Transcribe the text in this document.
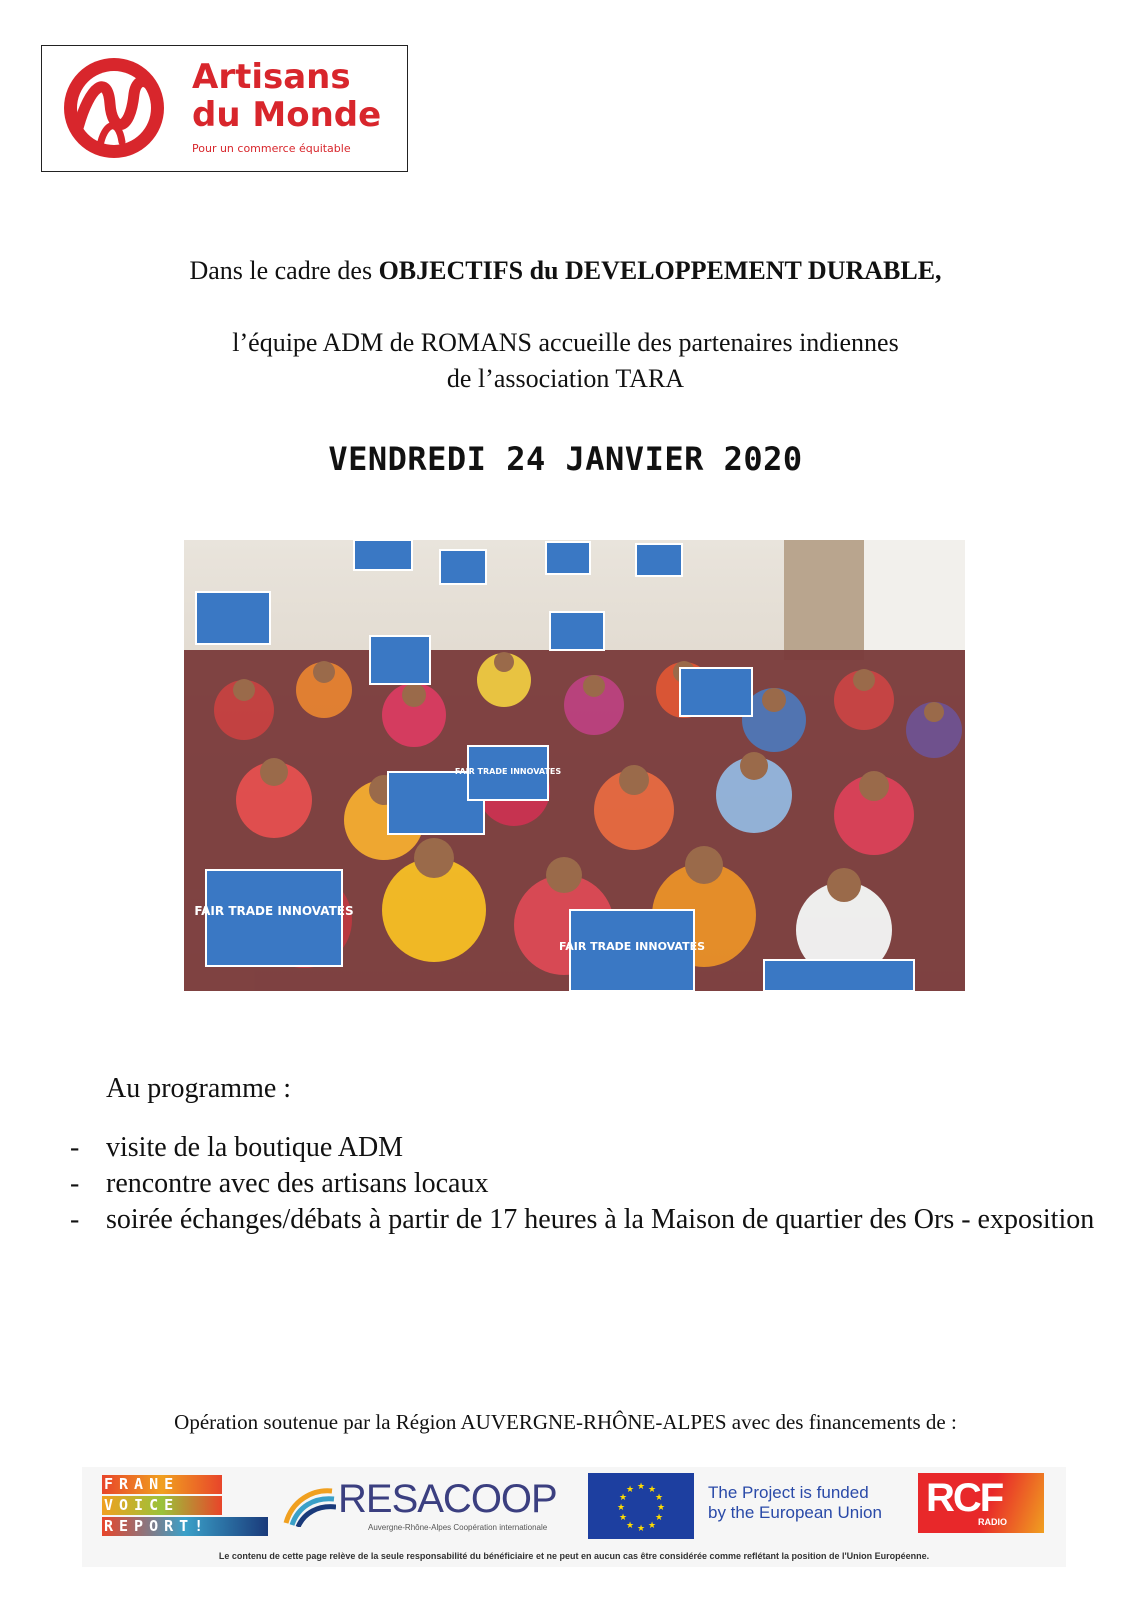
Artisans
du Monde
Pour un commerce équitable
Dans le cadre des OBJECTIFS du DEVELOPPEMENT DURABLE,
l’équipe ADM de ROMANS accueille des partenaires indiennes
de l’association TARA
VENDREDI 24 JANVIER 2020
FAIR TRADE INNOVATES
FAIR TRADE INNOVATES
FAIR TRADE INNOVATES
Au programme :
- visite de la boutique ADM
- rencontre avec des artisans locaux
- soirée échanges/débats à partir de 17 heures à la Maison de quartier des Ors - exposition
Opération soutenue par la Région AUVERGNE-RHÔNE-ALPES avec des financements de :
FRANE
VOICE
REPORT!
RESACOOP
Auvergne-Rhône-Alpes Coopération internationale
★ ★
★
★
★
★
★
★
★
★
★
★	The Project is funded
by the European Union RCF
RADIO
Le contenu de cette page relève de la seule responsabilité du bénéficiaire et ne peut en aucun cas être considérée comme reflétant la position de l'Union Européenne.
